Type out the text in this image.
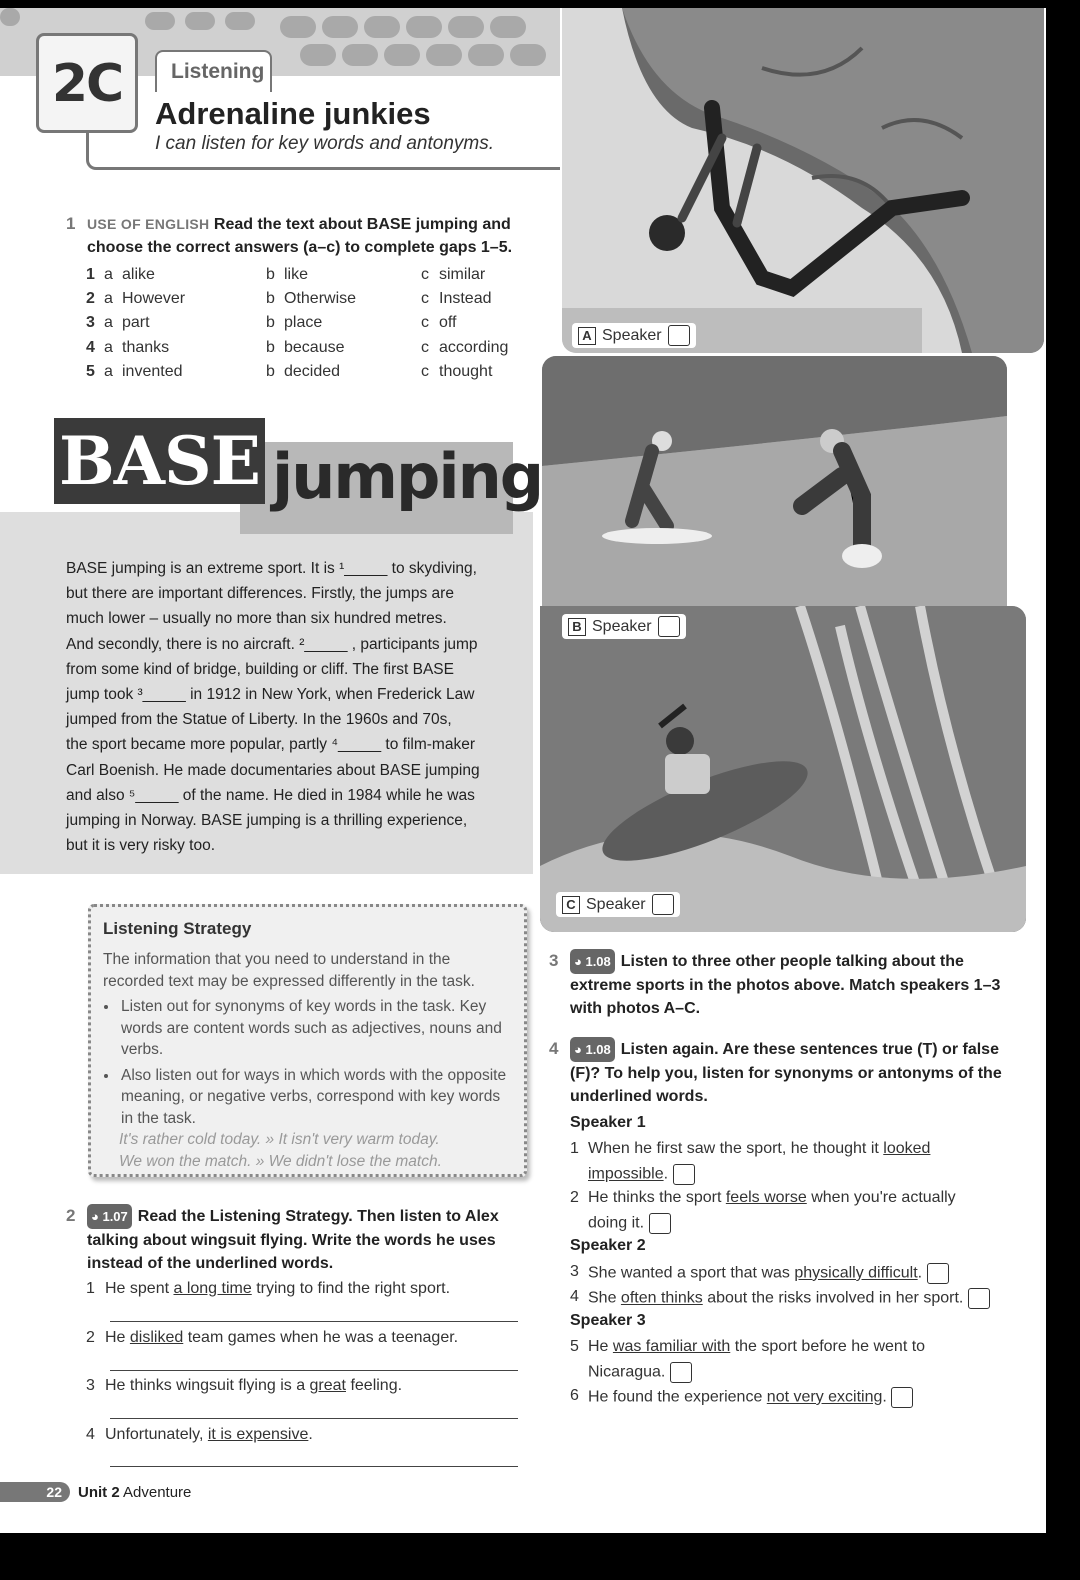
2C	Listening
Adrenaline junkies
I can listen for key words and antonyms.
1 USE OF ENGLISH Read the text about BASE jumping and
choose the correct answers (a–c) to complete gaps 1–5.
1 a alike	b like	c similar
2 a However	b Otherwise	c Instead
3 a part	b place	c off
4 a thanks	b because	c according
5 a invented	b decided	c thought
BASE jumping
BASE jumping is an extreme sport. It is ¹_____ to skydiving,
but there are important differences. Firstly, the jumps are
much lower – usually no more than six hundred metres.
And secondly, there is no aircraft. ²_____ , participants jump
from some kind of bridge, building or cliff. The first BASE
jump took ³_____ in 1912 in New York, when Frederick Law
jumped from the Statue of Liberty. In the 1960s and 70s,
the sport became more popular, partly ⁴_____ to film-maker
Carl Boenish. He made documentaries about BASE jumping
and also ⁵_____ of the name. He died in 1984 while he was
jumping in Norway. BASE jumping is a thrilling experience,
but it is very risky too.
Listening Strategy

The information that you need to understand in the recorded text may be expressed differently in the task.

• Listen out for synonyms of key words in the task. Key words are content words such as adjectives, nouns and verbs.
• Also listen out for ways in which words with the opposite meaning, or negative verbs, correspond with key words in the task.

It's rather cold today. » It isn't very warm today.

We won the match. » We didn't lose the match.

2	◕ 1.07 Read the Listening Strategy. Then listen to Alex
talking about wingsuit flying. Write the words he uses
instead of the underlined words.
1 He spent a long time trying to find the right sport.
2 He disliked team games when he was a teenager.
3 He thinks wingsuit flying is a great feeling.
4 Unfortunately, it is expensive.
A Speaker
B Speaker
C Speaker
3	◕ 1.08 Listen to three other people talking about the
extreme sports in the photos above. Match speakers 1–3
with photos A–C.
4	◕ 1.08 Listen again. Are these sentences true (T) or false
(F)? To help you, listen for synonyms or antonyms of the
underlined words.
Speaker 1
1 When he first saw the sport, he thought it looked
impossible.
2 He thinks the sport feels worse when you're actually
doing it.
Speaker 2
3 She wanted a sport that was physically difficult.
4 She often thinks about the risks involved in her sport.
Speaker 3
5 He was familiar with the sport before he went to
Nicaragua.
6 He found the experience not very exciting.
22	Unit 2 Adventure
